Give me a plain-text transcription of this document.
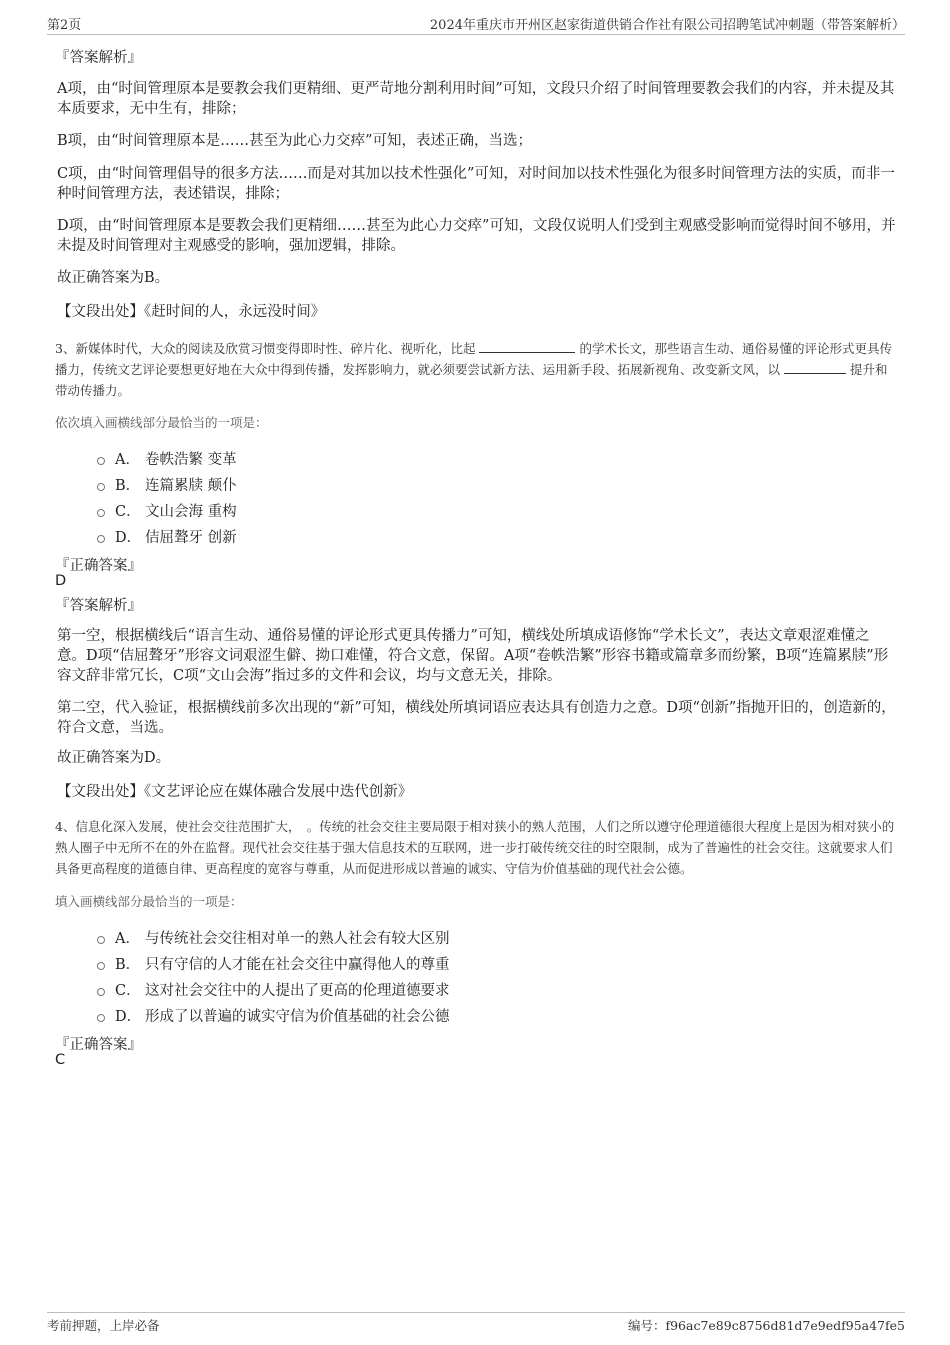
第2页	2024年重庆市开州区赵家街道供销合作社有限公司招聘笔试冲刺题（带答案解析）
『答案解析』
A项，由“时间管理原本是要教会我们更精细、更严苛地分割利用时间”可知，文段只介绍了时间管理要教会我们的内容，并未提及其本质要求，无中生有，排除；
B项，由“时间管理原本是……甚至为此心力交瘁”可知，表述正确，当选；
C项，由“时间管理倡导的很多方法……而是对其加以技术性强化”可知，对时间加以技术性强化为很多时间管理方法的实质，而非一种时间管理方法，表述错误，排除；
D项，由“时间管理原本是要教会我们更精细……甚至为此心力交瘁”可知，文段仅说明人们受到主观感受影响而觉得时间不够用，并未提及时间管理对主观感受的影响，强加逻辑，排除。
故正确答案为B。
【文段出处】《赶时间的人，永远没时间》
3、新媒体时代，大众的阅读及欣赏习惯变得即时性、碎片化、视听化，比起	的学术长文，那些语言生动、通俗易懂的评论形式更具传播力，传统文艺评论要想更好地在大众中得到传播，发挥影响力，就必须要尝试新方法、运用新手段、拓展新视角、改变新文风，以	提升和带动传播力。
依次填入画横线部分最恰当的一项是：
A． 卷帙浩繁 变革
B． 连篇累牍 颠仆
C． 文山会海 重构
D． 佶屈聱牙 创新
『正确答案』
D
『答案解析』
第一空，根据横线后“语言生动、通俗易懂的评论形式更具传播力”可知，横线处所填成语修饰“学术长文”，表达文章艰涩难懂之意。D项“佶屈聱牙”形容文词艰涩生僻、拗口难懂，符合文意，保留。A项“卷帙浩繁”形容书籍或篇章多而纷繁，B项“连篇累牍”形容文辞非常冗长，C项“文山会海”指过多的文件和会议，均与文意无关，排除。
第二空，代入验证，根据横线前多次出现的“新”可知，横线处所填词语应表达具有创造力之意。D项“创新”指抛开旧的，创造新的，符合文意，当选。
故正确答案为D。
【文段出处】《文艺评论应在媒体融合发展中迭代创新》
4、信息化深入发展，使社会交往范围扩大，　。传统的社会交往主要局限于相对狭小的熟人范围，人们之所以遵守伦理道德很大程度上是因为相对狭小的熟人圈子中无所不在的外在监督。现代社会交往基于强大信息技术的互联网，进一步打破传统交往的时空限制，成为了普遍性的社会交往。这就要求人们具备更高程度的道德自律、更高程度的宽容与尊重，从而促进形成以普遍的诚实、守信为价值基础的现代社会公德。
填入画横线部分最恰当的一项是：
A． 与传统社会交往相对单一的熟人社会有较大区别
B． 只有守信的人才能在社会交往中赢得他人的尊重
C． 这对社会交往中的人提出了更高的伦理道德要求
D． 形成了以普遍的诚实守信为价值基础的社会公德
『正确答案』
C
考前押题，上岸必备	编号：f96ac7e89c8756d81d7e9edf95a47fe5
